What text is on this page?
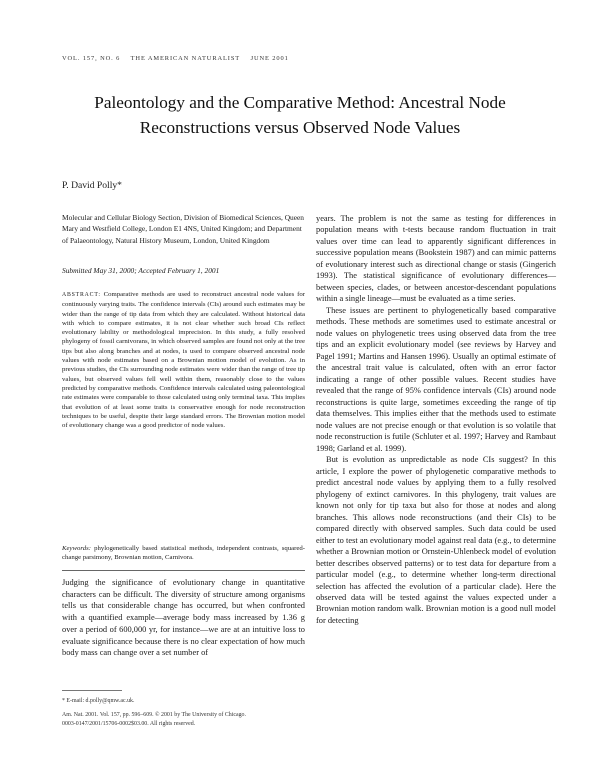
VOL. 157, NO. 6 THE AMERICAN NATURALIST JUNE 2001
Paleontology and the Comparative Method: Ancestral Node
Reconstructions versus Observed Node Values
P. David Polly*
Molecular and Cellular Biology Section, Division of Biomedical Sciences, Queen Mary and Westfield College, London E1 4NS, United Kingdom; and Department of Palaeontology, Natural History Museum, London, United Kingdom
Submitted May 31, 2000; Accepted February 1, 2001
ABSTRACT: Comparative methods are used to reconstruct ancestral node values for continuously varying traits. The confidence intervals (CIs) around such estimates may be wider than the range of tip data from which they are calculated. Without historical data with which to compare estimates, it is not clear whether such broad CIs reflect evolutionary lability or methodological imprecision. In this study, a fully resolved phylogeny of fossil carnivorans, in which observed samples are found not only at the tree tips but also along branches and at nodes, is used to compare observed ancestral node values with node estimates based on a Brownian motion model of evolution. As in previous studies, the CIs surrounding node estimates were wider than the range of tree tip values, but observed values fell well within them, reasonably close to the values predicted by comparative methods. Confidence intervals calculated using paleontological rate estimates were comparable to those calculated using only terminal taxa. This implies that evolution of at least some traits is conservative enough for node reconstruction techniques to be useful, despite their large standard errors. The Brownian motion model of evolutionary change was a good predictor of node values.
Keywords: phylogenetically based statistical methods, independent contrasts, squared-change parsimony, Brownian motion, Carnivora.
Judging the significance of evolutionary change in quantitative characters can be difficult. The diversity of structure among organisms tells us that considerable change has occurred, but when confronted with a quantified example—average body mass increased by 1.36 g over a period of 600,000 yr, for instance—we are at an intuitive loss to evaluate significance because there is no clear expectation of how much body mass can change over a set number of

* E-mail: d.polly@qmw.ac.uk.

Am. Nat. 2001. Vol. 157, pp. 596–609. © 2001 by The University of Chicago.
0003-0147/2001/15706-0002$03.00. All rights reserved.

years. The problem is not the same as testing for differences in population means with t-tests because random fluctuation in trait values over time can lead to apparently significant differences in successive population means (Bookstein 1987) and can mimic patterns of evolutionary interest such as directional change or stasis (Gingerich 1993). The statistical significance of evolutionary differences—between species, clades, or between ancestor-descendant populations within a single lineage—must be evaluated as a time series.

These issues are pertinent to phylogenetically based comparative methods. These methods are sometimes used to estimate ancestral or node values on phylogenetic trees using observed data from the tree tips and an explicit evolutionary model (see reviews by Harvey and Pagel 1991; Martins and Hansen 1996). Usually an optimal estimate of the ancestral trait value is calculated, often with an error factor indicating a range of other possible values. Recent studies have revealed that the range of 95% confidence intervals (CIs) around node reconstructions is quite large, sometimes exceeding the range of tip data themselves. This implies either that the methods used to estimate node values are not precise enough or that evolution is so volatile that node reconstruction is futile (Schluter et al. 1997; Harvey and Rambaut 1998; Garland et al. 1999).

But is evolution as unpredictable as node CIs suggest? In this article, I explore the power of phylogenetic comparative methods to predict ancestral node values by applying them to a fully resolved phylogeny of extinct carnivores. In this phylogeny, trait values are known not only for tip taxa but also for those at nodes and along branches. This allows node reconstructions (and their CIs) to be compared directly with observed samples. Such data could be used either to test an evolutionary model against real data (e.g., to determine whether a Brownian motion or Ornstein-Uhlenbeck model of evolution better describes observed patterns) or to test data for departure from a particular model (e.g., to determine whether long-term directional selection has affected the evolution of a particular clade). Here the observed data will be tested against the values expected under a Brownian motion random walk. Brownian motion is a good null model for detecting
